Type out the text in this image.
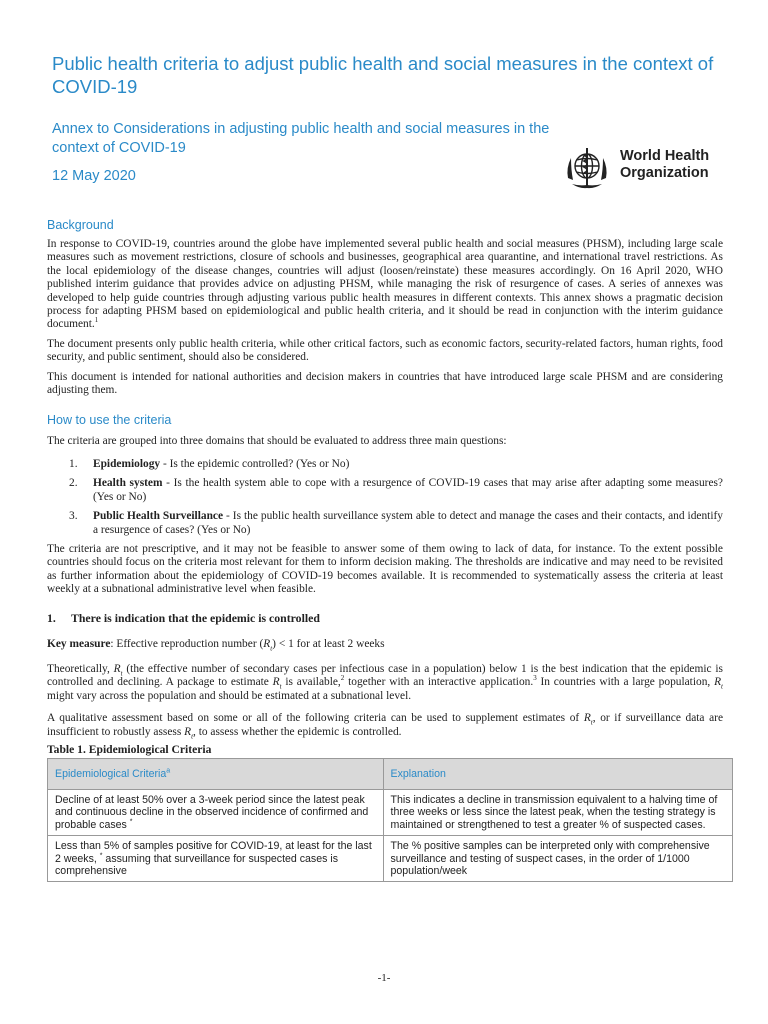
Public health criteria to adjust public health and social measures in the context of COVID-19
Annex to Considerations in adjusting public health and social measures in the context of COVID-19
12 May 2020
World Health
Organization
Background

In response to COVID-19, countries around the globe have implemented several public health and social measures (PHSM), including large scale measures such as movement restrictions, closure of schools and businesses, geographical area quarantine, and international travel restrictions. As the local epidemiology of the disease changes, countries will adjust (loosen/reinstate) these measures accordingly. On 16 April 2020, WHO published interim guidance that provides advice on adjusting PHSM, while managing the risk of resurgence of cases. A series of annexes was developed to help guide countries through adjusting various public health measures in different contexts. This annex shows a pragmatic decision process for adapting PHSM based on epidemiological and public health criteria, and it should be read in conjunction with the interim guidance document.$^1$

The document presents only public health criteria, while other critical factors, such as economic factors, security-related factors, human rights, food security, and public sentiment, should also be considered.

This document is intended for national authorities and decision makers in countries that have introduced large scale PHSM and are considering adjusting them.

How to use the criteria

The criteria are grouped into three domains that should be evaluated to address three main questions:

1. Epidemiology - Is the epidemic controlled? (Yes or No)
2. Health system - Is the health system able to cope with a resurgence of COVID-19 cases that may arise after adapting some measures? (Yes or No)
3. Public Health Surveillance - Is the public health surveillance system able to detect and manage the cases and their contacts, and identify a resurgence of cases? (Yes or No)

The criteria are not prescriptive, and it may not be feasible to answer some of them owing to lack of data, for instance. To the extent possible countries should focus on the criteria most relevant for them to inform decision making. The thresholds are indicative and may need to be revisited as further information about the epidemiology of COVID-19 becomes available. It is recommended to systematically assess the criteria at least weekly at a subnational administrative level when feasible.

1. There is indication that the epidemic is controlled

Key measure: Effective reproduction number $(R_t) < 1$ for at least 2 weeks

Theoretically, $R_t$ (the effective number of secondary cases per infectious case in a population) below 1 is the best indication that the epidemic is controlled and declining. A package to estimate $R_t$ is available,$^2$ together with an interactive application.$^3$ In countries with a large population, $R_t$ might vary across the population and should be estimated at a subnational level.

A qualitative assessment based on some or all of the following criteria can be used to supplement estimates of $R_t$, or if surveillance data are insufficient to robustly assess $R_t$, to assess whether the epidemic is controlled.

Table 1. Epidemiological Criteria
Epidemiological Criteria$^a$	Explanation
Decline of at least 50% over a 3-week period since the latest peak and continuous decline in the observed incidence of confirmed and probable cases *	This indicates a decline in transmission equivalent to a halving time of three weeks or less since the latest peak, when the testing strategy is maintained or strengthened to test a greater % of suspected cases.
Less than 5% of samples positive for COVID-19, at least for the last 2 weeks, * assuming that surveillance for suspected cases is comprehensive	The % positive samples can be interpreted only with comprehensive surveillance and testing of suspect cases, in the order of 1/1000 population/week
-1-
